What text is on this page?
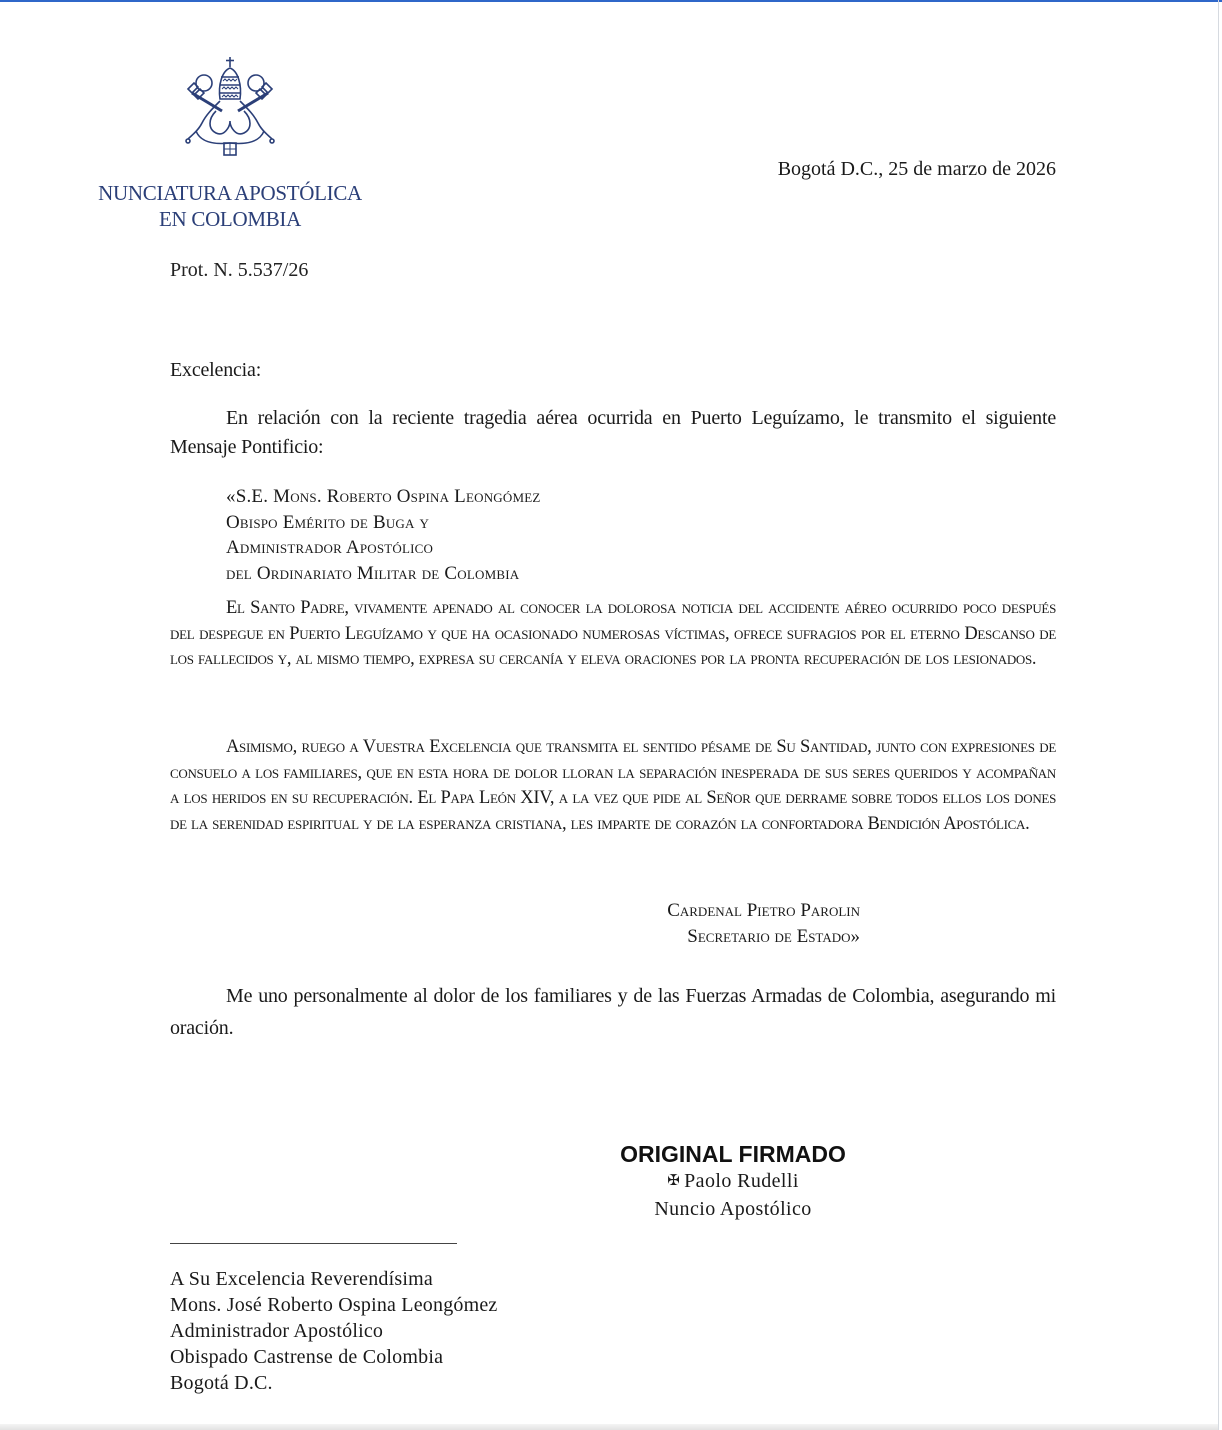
NUNCIATURA APOSTÓLICA
EN COLOMBIA
Bogotá D.C., 25 de marzo de 2026
Prot. N. 5.537/26
Excelencia:
En relación con la reciente tragedia aérea ocurrida en Puerto Leguízamo, le transmito el siguiente Mensaje Pontificio:
«S.E. Mons. Roberto Ospina Leongómez
Obispo Emérito de Buga y
Administrador Apostólico
del Ordinariato Militar de Colombia
El Santo Padre, vivamente apenado al conocer la dolorosa noticia del accidente aéreo ocurrido poco después del despegue en Puerto Leguízamo y que ha ocasionado numerosas víctimas, ofrece sufragios por el eterno Descanso de los fallecidos y, al mismo tiempo, expresa su cercanía y eleva oraciones por la pronta recuperación de los lesionados.
Asimismo, ruego a Vuestra Excelencia que transmita el sentido pésame de Su Santidad, junto con expresiones de consuelo a los familiares, que en esta hora de dolor lloran la separación inesperada de sus seres queridos y acompañan a los heridos en su recuperación. El Papa León XIV, a la vez que pide al Señor que derrame sobre todos ellos los dones de la serenidad espiritual y de la esperanza cristiana, les imparte de corazón la confortadora Bendición Apostólica.
Cardenal Pietro Parolin
Secretario de Estado»
Me uno personalmente al dolor de los familiares y de las Fuerzas Armadas de Colombia, asegurando mi oración.
ORIGINAL FIRMADO
✠ Paolo Rudelli
Nuncio Apostólico
A Su Excelencia Reverendísima
Mons. José Roberto Ospina Leongómez
Administrador Apostólico
Obispado Castrense de Colombia
Bogotá D.C.
